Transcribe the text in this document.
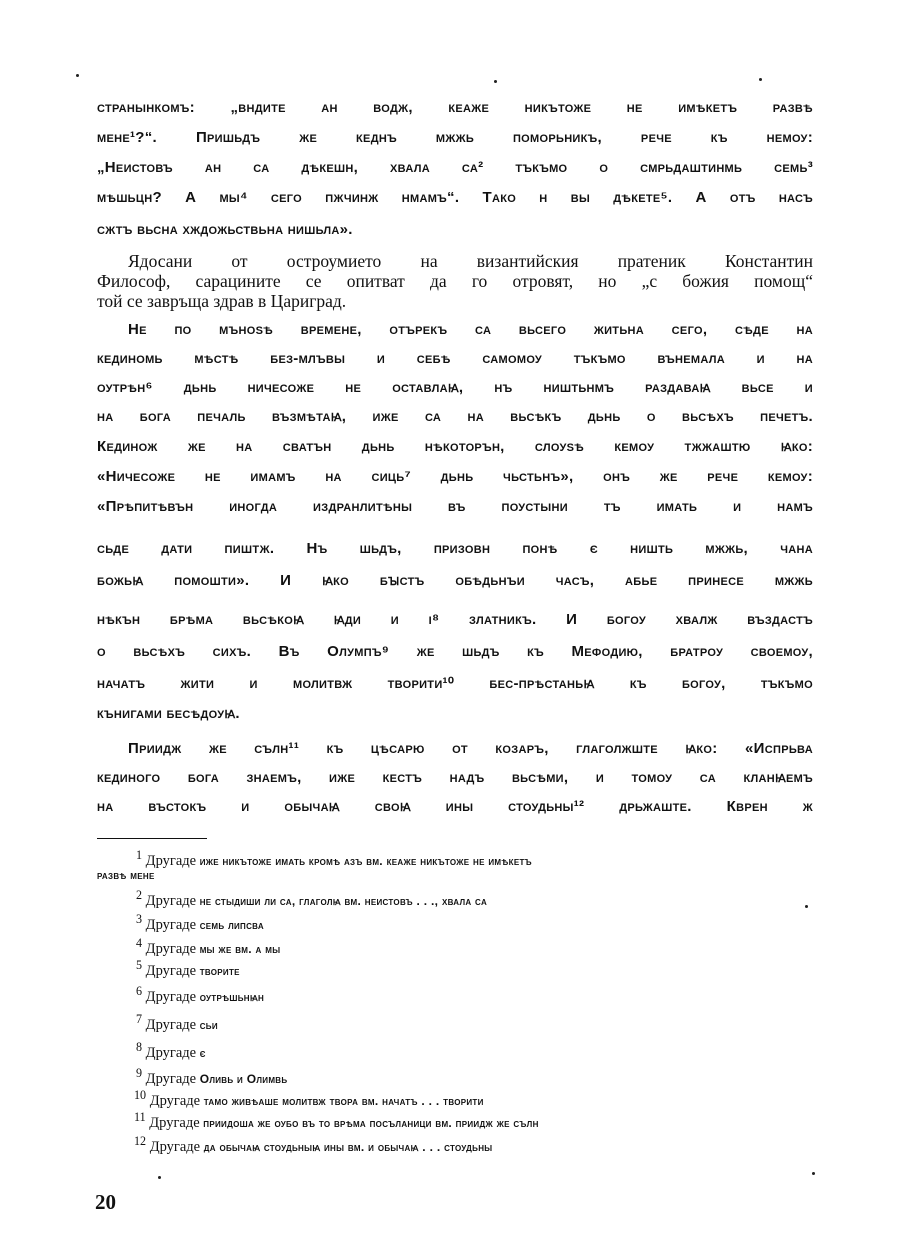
странынкомъ: „вндите ан водж, кеаже никътоже не имѣкетъ развѣ
мене¹?“. Пришьдъ же кеднъ мжжь поморьникъ, рече къ немоу:
„Неистовъ ан са дѣкешн, хвала са² тъкъмо о смрьдаштинмь семь³
мѣшьцн? А мы⁴ сего пжчинж нмамъ“. Тако н вы дѣкете⁵. А отъ насъ
сжтъ вьсна хждожьствьна нишьла».
Ядосани от остроумието на византийския пратеник Константин
Философ, сарацините се опитват да го отровят, но „с божия помощ“
той се завръща здрав в Цариград.
Не по мъноѕѣ времене, отърекъ са вьсего житьна сего, сѣде на
кединомь мѣстѣ без-млъвы и себѣ самомоу тъкъмо вънемала и на
оутрѣн⁶ дьнь ничесоже не оставлаꙗ, нъ ништьнмъ раздаваꙗ вьсе и
на бога печаль възмѣтаꙗ, иже са на вьсѣкъ дьнь о вьсѣхъ печетъ.
Кединож же на сватън дьнь нѣкоторън, слоуѕѣ кемоу тжжаштю ꙗко:
«Ничесоже не имамъ на сиць⁷ дьнь чьстьнъ», онъ же рече кемоу:
«Прѣпитѣвън иногда издранлитѣны въ поустыни тъ имать и намъ
сьде дати пиштж. Нъ шьдъ, призовн понѣ є ништь мжжь, чана
божьꙗ помошти». И ꙗко бꙑстъ обѣдьнъи часъ, абье принесе мжжь
нѣкън брѣма вьсѣкоꙗ ꙗди и і⁸ златникъ. И богоу хвалж въздастъ
о вьсѣхъ сихъ. Въ Олумпъ⁹ же шьдъ къ Мефодию, братроу своемоу,
начатъ жити и молитвж творити¹⁰ бес-прѣстаньꙗ къ богоу, тъкъмо
кънигами бесѣдоуꙗ.
Приидж же сълн¹¹ къ цѣсарю от козаръ, глаголжште ꙗко: «Испрьва
кединого бога знаемъ, иже кестъ надъ вьсѣми, и томоу са кланꙗемъ
на въстокъ и обычаꙗ своꙗ ины стоудьны¹² дрьжаште. Кврен ж
$^1$ Другаде иже никътоже имать кромѣ азъ вм. кеаже никътоже не имѣкетъ
развѣ мене
$^2$ Другаде не стыдиши ли са, глаголꙗ вм. неистовъ . . ., хвала са
$^3$ Другаде семь липсва
$^4$ Другаде мы же вм. а мы
$^5$ Другаде творите
$^6$ Другаде оутрѣшьнꙗн
$^7$ Другаде сьи
$^8$ Другаде є
$^9$ Другаде Олиbь и Олимbь
$^{10}$ Другаде тамо живѣаше молитвж твора вм. начатъ . . . творити
$^{11}$ Другаде приидоша же оубо въ то врѣма посъланици вм. приидж же сълн
$^{12}$ Другаде да обычаꙗ стоудьныꙗ ины вм. и обычаꙗ . . . стоудьны
20
